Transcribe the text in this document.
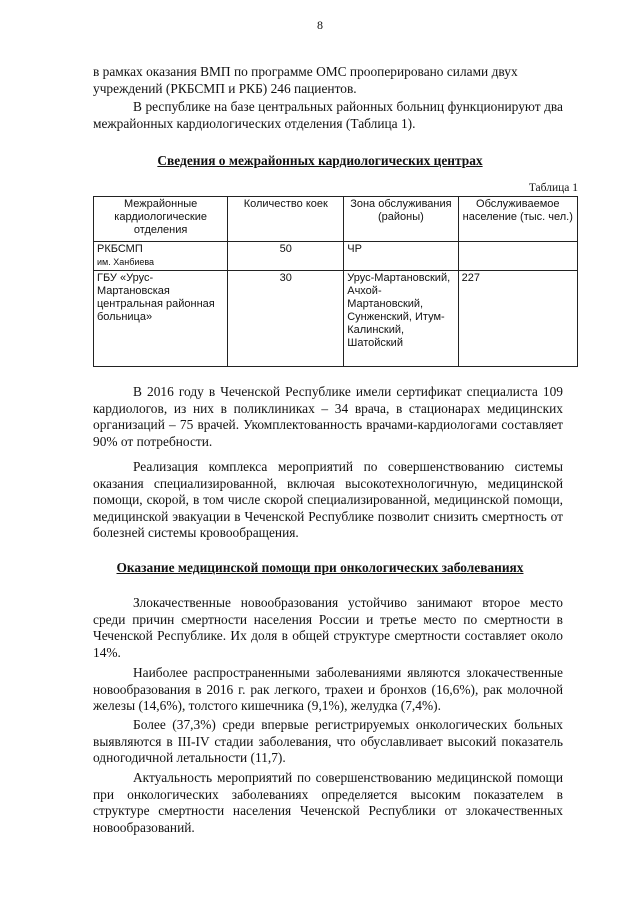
8
в рамках оказания ВМП по программе ОМС прооперировано силами двух
учреждений (РКБСМП и РКБ) 246 пациентов.
В республике на базе центральных районных больниц функционируют два межрайонных кардиологических отделения (Таблица 1).
Сведения о межрайонных кардиологических центрах
Таблица 1
Межрайонные кардиологические отделения	Количество коек	Зона обслуживания (районы)	Обслуживаемое население (тыс. чел.)

РКБСМП
им. Ханбиева	50	ЧР	
ГБУ «Урус-Мартановская центральная районная больница»	30	Урус-Мартановский, Ачхой-Мартановский, Сунженский, Итум-Калинский, Шатойский	227
В 2016 году в Чеченской Республике имели сертификат специалиста 109 кардиологов, из них в поликлиниках – 34 врача, в стационарах медицинских организаций – 75 врачей. Укомплектованность врачами-кардиологами составляет 90% от потребности.
Реализация комплекса мероприятий по совершенствованию системы оказания специализированной, включая высокотехнологичную, медицинской помощи, скорой, в том числе скорой специализированной, медицинской помощи, медицинской эвакуации в Чеченской Республике позволит снизить смертность от болезней системы кровообращения.
Оказание медицинской помощи при онкологических заболеваниях
Злокачественные новообразования устойчиво занимают второе место среди причин смертности населения России и третье место по смертности в Чеченской Республике. Их доля в общей структуре смертности составляет около 14%.
Наиболее распространенными заболеваниями являются злокачественные новообразования в 2016 г. рак легкого, трахеи и бронхов (16,6%), рак молочной железы (14,6%), толстого кишечника (9,1%), желудка (7,4%).
Более (37,3%) среди впервые регистрируемых онкологических больных выявляются в III-IV стадии заболевания, что обуславливает высокий показатель одногодичной летальности (11,7).
Актуальность мероприятий по совершенствованию медицинской помощи при онкологических заболеваниях определяется высоким показателем в структуре смертности населения Чеченской Республики от злокачественных новообразований.
